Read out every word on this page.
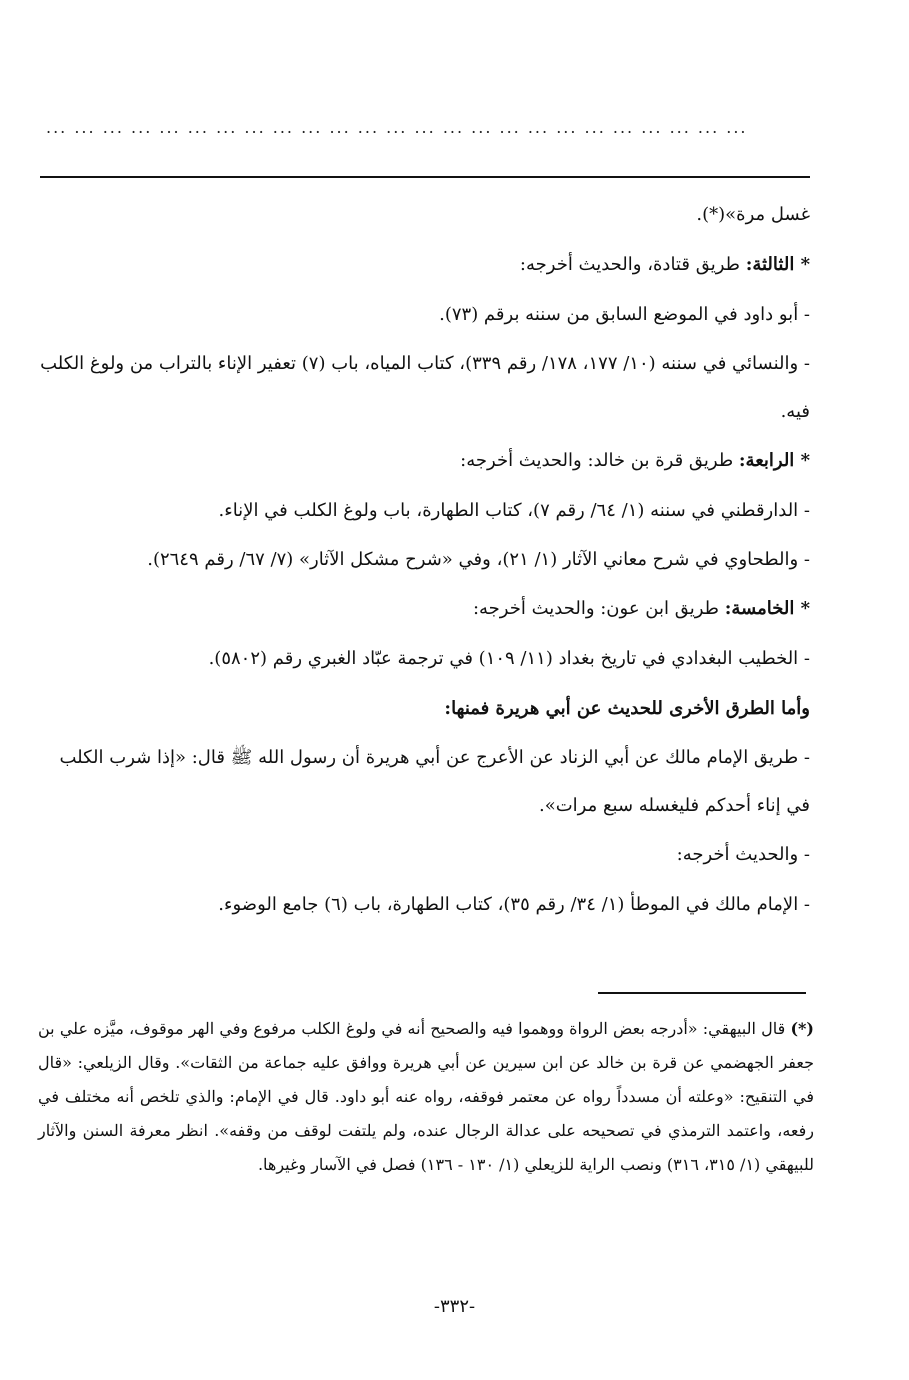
... ... ... ... ... ... ... ... ... ... ... ... ... ... ... ... ... ... ... ... ... ... ... ... ...

غسل مرة»(*).

* الثالثة: طريق قتادة، والحديث أخرجه:

- أبو داود في الموضع السابق من سننه برقم (٧٣).

- والنسائي في سننه (١٠/ ١٧٧، ١٧٨/ رقم ٣٣٩)، كتاب المياه، باب (٧) تعفير الإناء بالتراب من ولوغ الكلب فيه.

* الرابعة: طريق قرة بن خالد: والحديث أخرجه:

- الدارقطني في سننه (١/ ٦٤/ رقم ٧)، كتاب الطهارة، باب ولوغ الكلب في الإناء.

- والطحاوي في شرح معاني الآثار (١/ ٢١)، وفي «شرح مشكل الآثار» (٧/ ٦٧/ رقم ٢٦٤٩).

* الخامسة: طريق ابن عون: والحديث أخرجه:

- الخطيب البغدادي في تاريخ بغداد (١١/ ١٠٩) في ترجمة عبّاد الغبري رقم (٥٨٠٢).

وأما الطرق الأخرى للحديث عن أبي هريرة فمنها:

- طريق الإمام مالك عن أبي الزناد عن الأعرج عن أبي هريرة أن رسول الله ﷺ قال: «إذا شرب الكلب في إناء أحدكم فليغسله سبع مرات».

- والحديث أخرجه:

- الإمام مالك في الموطأ (١/ ٣٤/ رقم ٣٥)، كتاب الطهارة، باب (٦) جامع الوضوء.

(*) قال البيهقي: «أدرجه بعض الرواة ووهموا فيه والصحيح أنه في ولوغ الكلب مرفوع وفي الهر موقوف، ميَّزه علي بن جعفر الجهضمي عن قرة بن خالد عن ابن سيرين عن أبي هريرة ووافق عليه جماعة من الثقات». وقال الزيلعي: «قال في التنقيح: «وعلته أن مسدداً رواه عن معتمر فوقفه، رواه عنه أبو داود. قال في الإمام: والذي تلخص أنه مختلف في رفعه، واعتمد الترمذي في تصحيحه على عدالة الرجال عنده، ولم يلتفت لوقف من وقفه». انظر معرفة السنن والآثار للبيهقي (١/ ٣١٥، ٣١٦) ونصب الراية للزيعلي (١/ ١٣٠ - ١٣٦) فصل في الآسار وغيرها.

-٣٣٢-
